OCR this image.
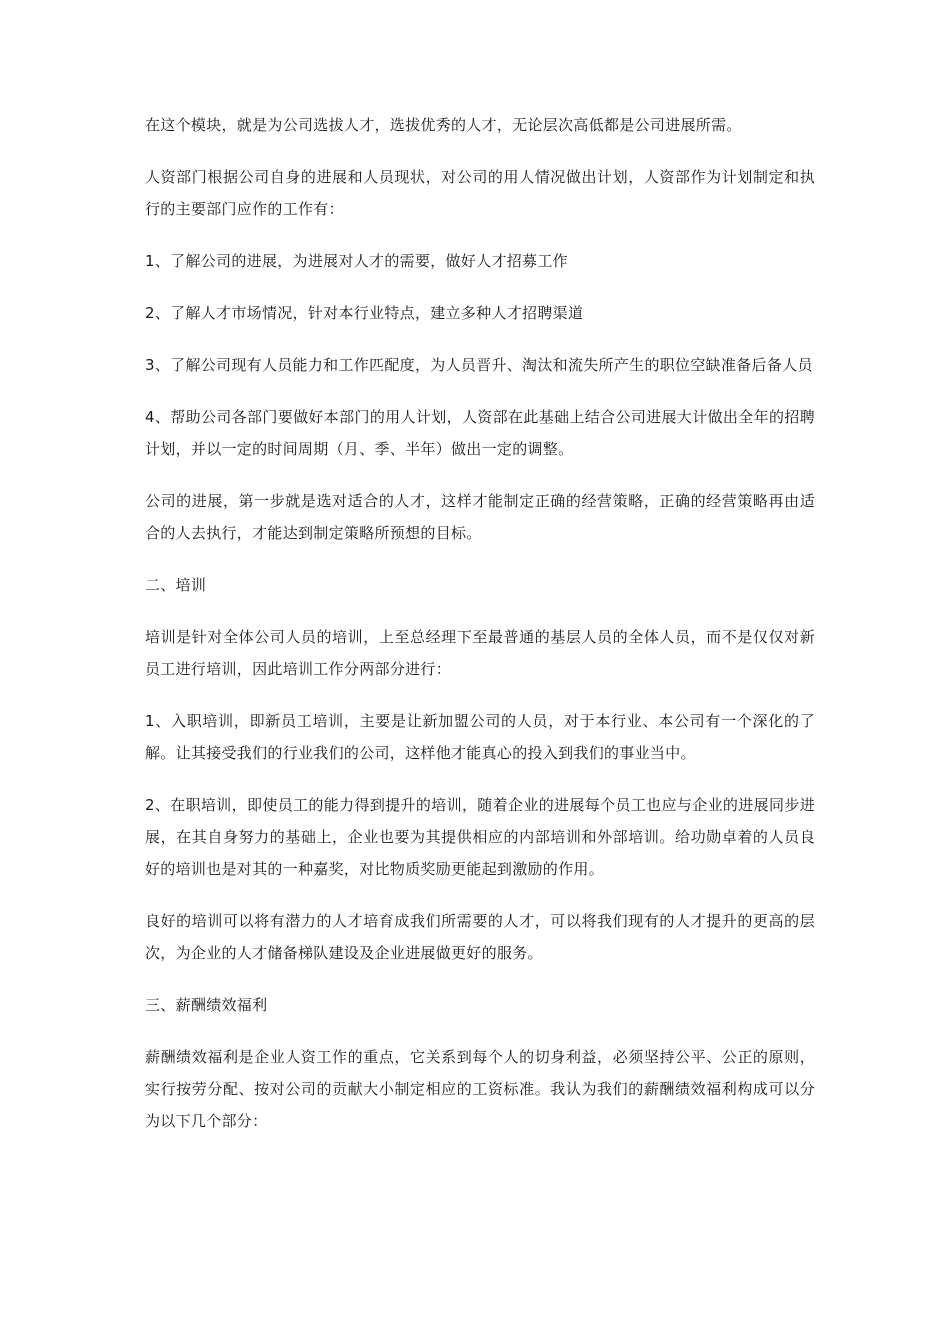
在这个模块，就是为公司选拔人才，选拔优秀的人才，无论层次高低都是公司进展所需。

人资部门根据公司自身的进展和人员现状，对公司的用人情况做出计划，人资部作为计划制定和执行的主要部门应作的工作有：

1、了解公司的进展，为进展对人才的需要，做好人才招募工作

2、了解人才市场情况，针对本行业特点，建立多种人才招聘渠道

3、了解公司现有人员能力和工作匹配度，为人员晋升、淘汰和流失所产生的职位空缺准备后备人员

4、帮助公司各部门要做好本部门的用人计划，人资部在此基础上结合公司进展大计做出全年的招聘计划，并以一定的时间周期（月、季、半年）做出一定的调整。

公司的进展，第一步就是选对适合的人才，这样才能制定正确的经营策略，正确的经营策略再由适合的人去执行，才能达到制定策略所预想的目标。

二、培训

培训是针对全体公司人员的培训，上至总经理下至最普通的基层人员的全体人员，而不是仅仅对新员工进行培训，因此培训工作分两部分进行：

1、入职培训，即新员工培训，主要是让新加盟公司的人员，对于本行业、本公司有一个深化的了解。让其接受我们的行业我们的公司，这样他才能真心的投入到我们的事业当中。

2、在职培训，即使员工的能力得到提升的培训，随着企业的进展每个员工也应与企业的进展同步进展，在其自身努力的基础上，企业也要为其提供相应的内部培训和外部培训。给功勋卓着的人员良好的培训也是对其的一种嘉奖，对比物质奖励更能起到激励的作用。

良好的培训可以将有潜力的人才培育成我们所需要的人才，可以将我们现有的人才提升的更高的层次，为企业的人才储备梯队建设及企业进展做更好的服务。

三、薪酬绩效福利

薪酬绩效福利是企业人资工作的重点，它关系到每个人的切身利益，必须坚持公平、公正的原则，实行按劳分配、按对公司的贡献大小制定相应的工资标准。我认为我们的薪酬绩效福利构成可以分为以下几个部分：
